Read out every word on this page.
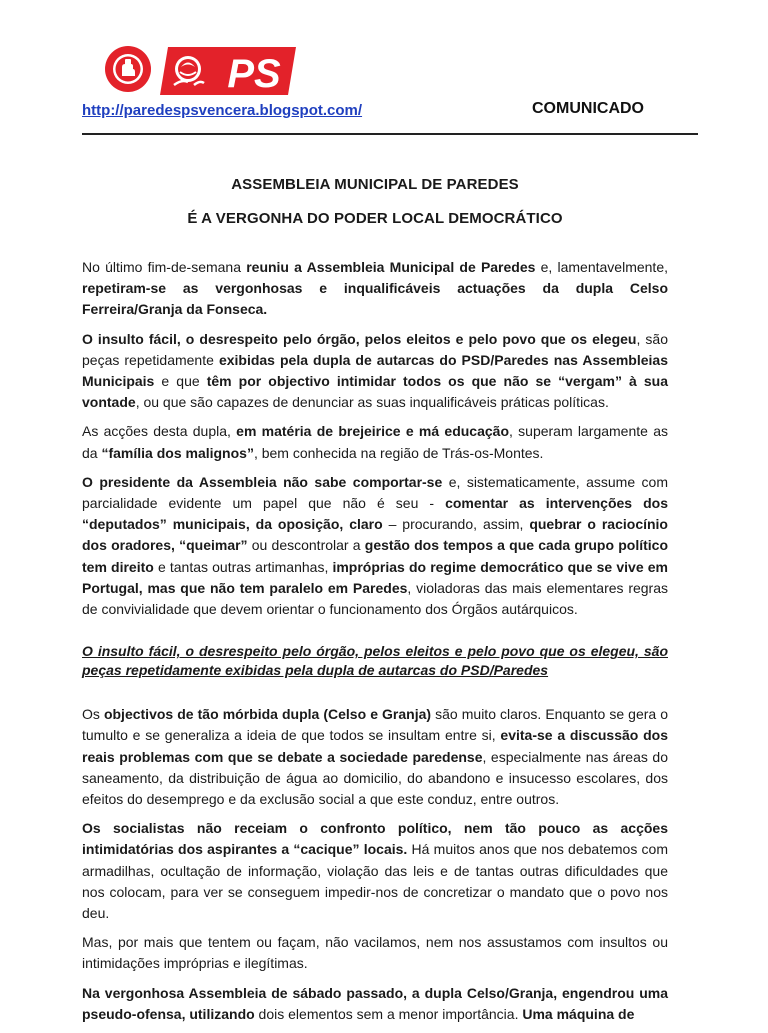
PS
http://paredespsvencera.blogspot.com/	COMUNICADO
ASSEMBLEIA MUNICIPAL DE PAREDES
É A VERGONHA DO PODER LOCAL DEMOCRÁTICO

No último fim-de-semana reuniu a Assembleia Municipal de Paredes e, lamentavelmente, repetiram-se as vergonhosas e inqualificáveis actuações da dupla Celso Ferreira/Granja da Fonseca.

O insulto fácil, o desrespeito pelo órgão, pelos eleitos e pelo povo que os elegeu, são peças repetidamente exibidas pela dupla de autarcas do PSD/Paredes nas Assembleias Municipais e que têm por objectivo intimidar todos os que não se “vergam” à sua vontade, ou que são capazes de denunciar as suas inqualificáveis práticas políticas.

As acções desta dupla, em matéria de brejeirice e má educação, superam largamente as da “família dos malignos”, bem conhecida na região de Trás-os-Montes.

O presidente da Assembleia não sabe comportar-se e, sistematicamente, assume com parcialidade evidente um papel que não é seu - comentar as intervenções dos “deputados” municipais, da oposição, claro – procurando, assim, quebrar o raciocínio dos oradores, “queimar” ou descontrolar a gestão dos tempos a que cada grupo político tem direito e tantas outras artimanhas, impróprias do regime democrático que se vive em Portugal, mas que não tem paralelo em Paredes, violadoras das mais elementares regras de convivialidade que devem orientar o funcionamento dos Órgãos autárquicos.

O insulto fácil, o desrespeito pelo órgão, pelos eleitos e pelo povo que os elegeu, são peças repetidamente exibidas pela dupla de autarcas do PSD/Paredes

Os objectivos de tão mórbida dupla (Celso e Granja) são muito claros. Enquanto se gera o tumulto e se generaliza a ideia de que todos se insultam entre si, evita-se a discussão dos reais problemas com que se debate a sociedade paredense, especialmente nas áreas do saneamento, da distribuição de água ao domicilio, do abandono e insucesso escolares, dos efeitos do desemprego e da exclusão social a que este conduz, entre outros.

Os socialistas não receiam o confronto político, nem tão pouco as acções intimidatórias dos aspirantes a “cacique” locais. Há muitos anos que nos debatemos com armadilhas, ocultação de informação, violação das leis e de tantas outras dificuldades que nos colocam, para ver se conseguem impedir-nos de concretizar o mandato que o povo nos deu.

Mas, por mais que tentem ou façam, não vacilamos, nem nos assustamos com insultos ou intimidações impróprias e ilegítimas.

Na vergonhosa Assembleia de sábado passado, a dupla Celso/Granja, engendrou uma pseudo-ofensa, utilizando dois elementos sem a menor importância. Uma máquina de
